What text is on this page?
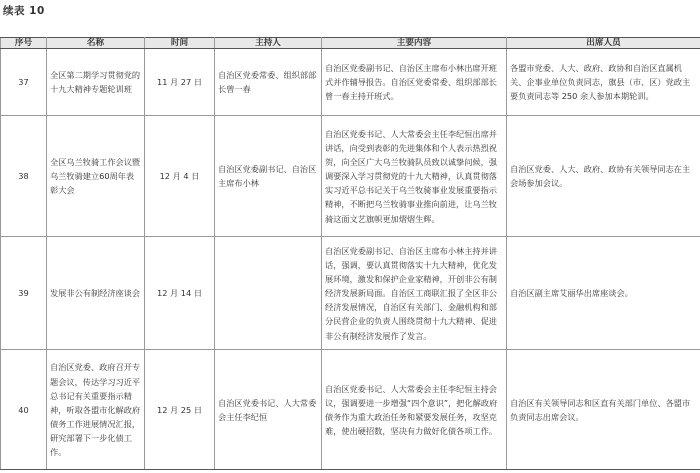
续表 10
序号	名称	时间	主持人	主要内容	出席人员
37	全区第二期学习贯彻党的十九大精神专题轮训班	11 月 27 日	自治区党委常委、组织部部长曾一春	自治区党委副书记、自治区主席布小林出席开班式并作辅导报告。自治区党委常委、组织部部长曾一春主持开班式。	各盟市党委、人大、政府、政协和自治区直属机关、企事业单位负责同志，旗县（市、区）党政主要负责同志等 250 余人参加本期轮训。
38	全区乌兰牧骑工作会议暨乌兰牧骑建立60周年表彰大会	12 月 4 日	自治区党委副书记、自治区主席布小林	自治区党委书记、人大常委会主任李纪恒出席并讲话，向受到表彰的先进集体和个人表示热烈祝贺，向全区广大乌兰牧骑队员致以诚挚问候，强调要深入学习贯彻党的十九大精神，认真贯彻落实习近平总书记关于乌兰牧骑事业发展重要指示精神，不断把乌兰牧骑事业推向前进，让乌兰牧骑这面文艺旗帜更加熠熠生辉。	自治区党委、人大、政府、政协有关领导同志在主会场参加会议。
39	发展非公有制经济座谈会	12 月 14 日		自治区党委副书记、自治区主席布小林主持并讲话，强调，要认真贯彻落实十九大精神，优化发展环境，激发和保护企业家精神，开创非公有制经济发展新局面。自治区工商联汇报了全区非公经济发展情况，自治区有关部门、金融机构和部分民营企业的负责人围绕贯彻十九大精神、促进非公有制经济发展作了发言。	自治区副主席艾丽华出席座谈会。
40	自治区党委、政府召开专题会议，传达学习习近平总书记有关重要指示精神，听取各盟市化解政府债务工作进展情况汇报，研究部署下一步化债工作。	12 月 25 日	自治区党委书记、人大常委会主任李纪恒	自治区党委书记、人大常委会主任李纪恒主持会议，强调要进一步增强“四个意识”，把化解政府债务作为重大政治任务和紧要发展任务，攻坚克难，使出硬招数，坚决有力做好化债各项工作。	自治区有关领导同志和区直有关部门单位、各盟市负责同志出席会议。
